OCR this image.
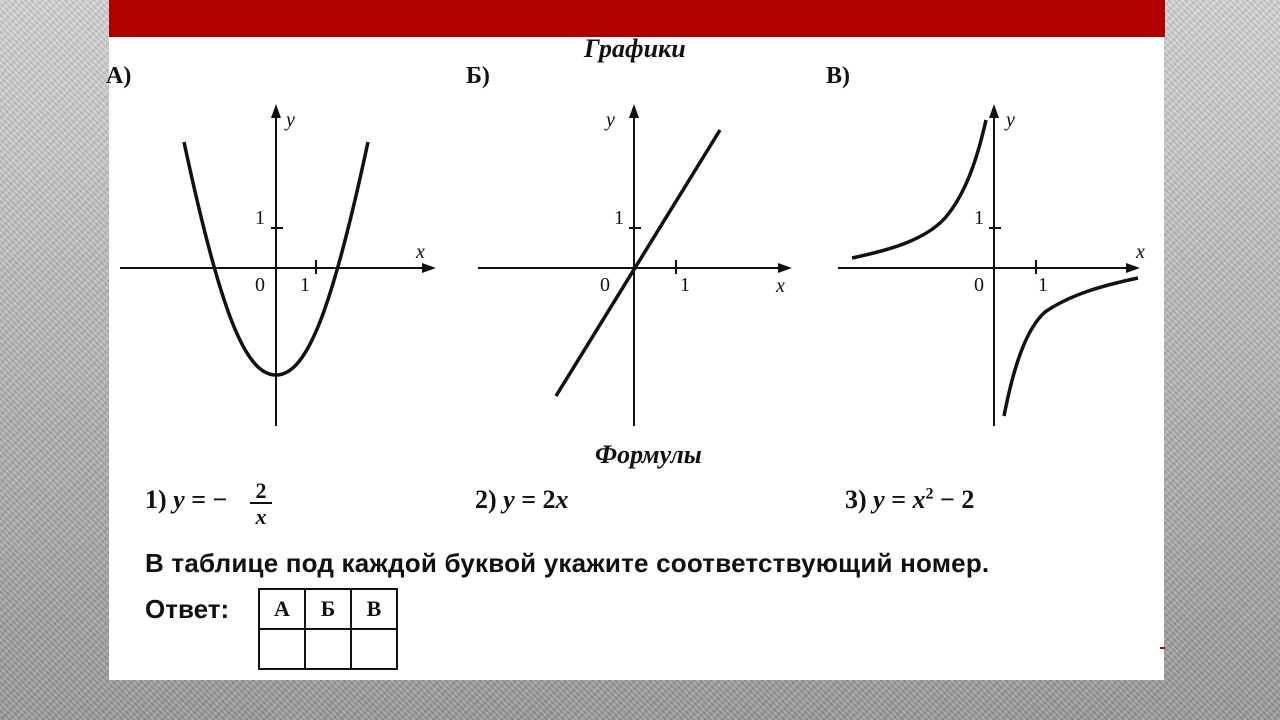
Графики
А)	Б)	В)
x
y
0 1
1
x
y
0	1
1
x
y
0	1
1
Формулы
1) y = − $\frac{2}{x}$	2) y = 2x	3) $y = x^2 - 2$
В таблице под каждой буквой укажите соответствующий номер.
Ответ: А	Б	В
